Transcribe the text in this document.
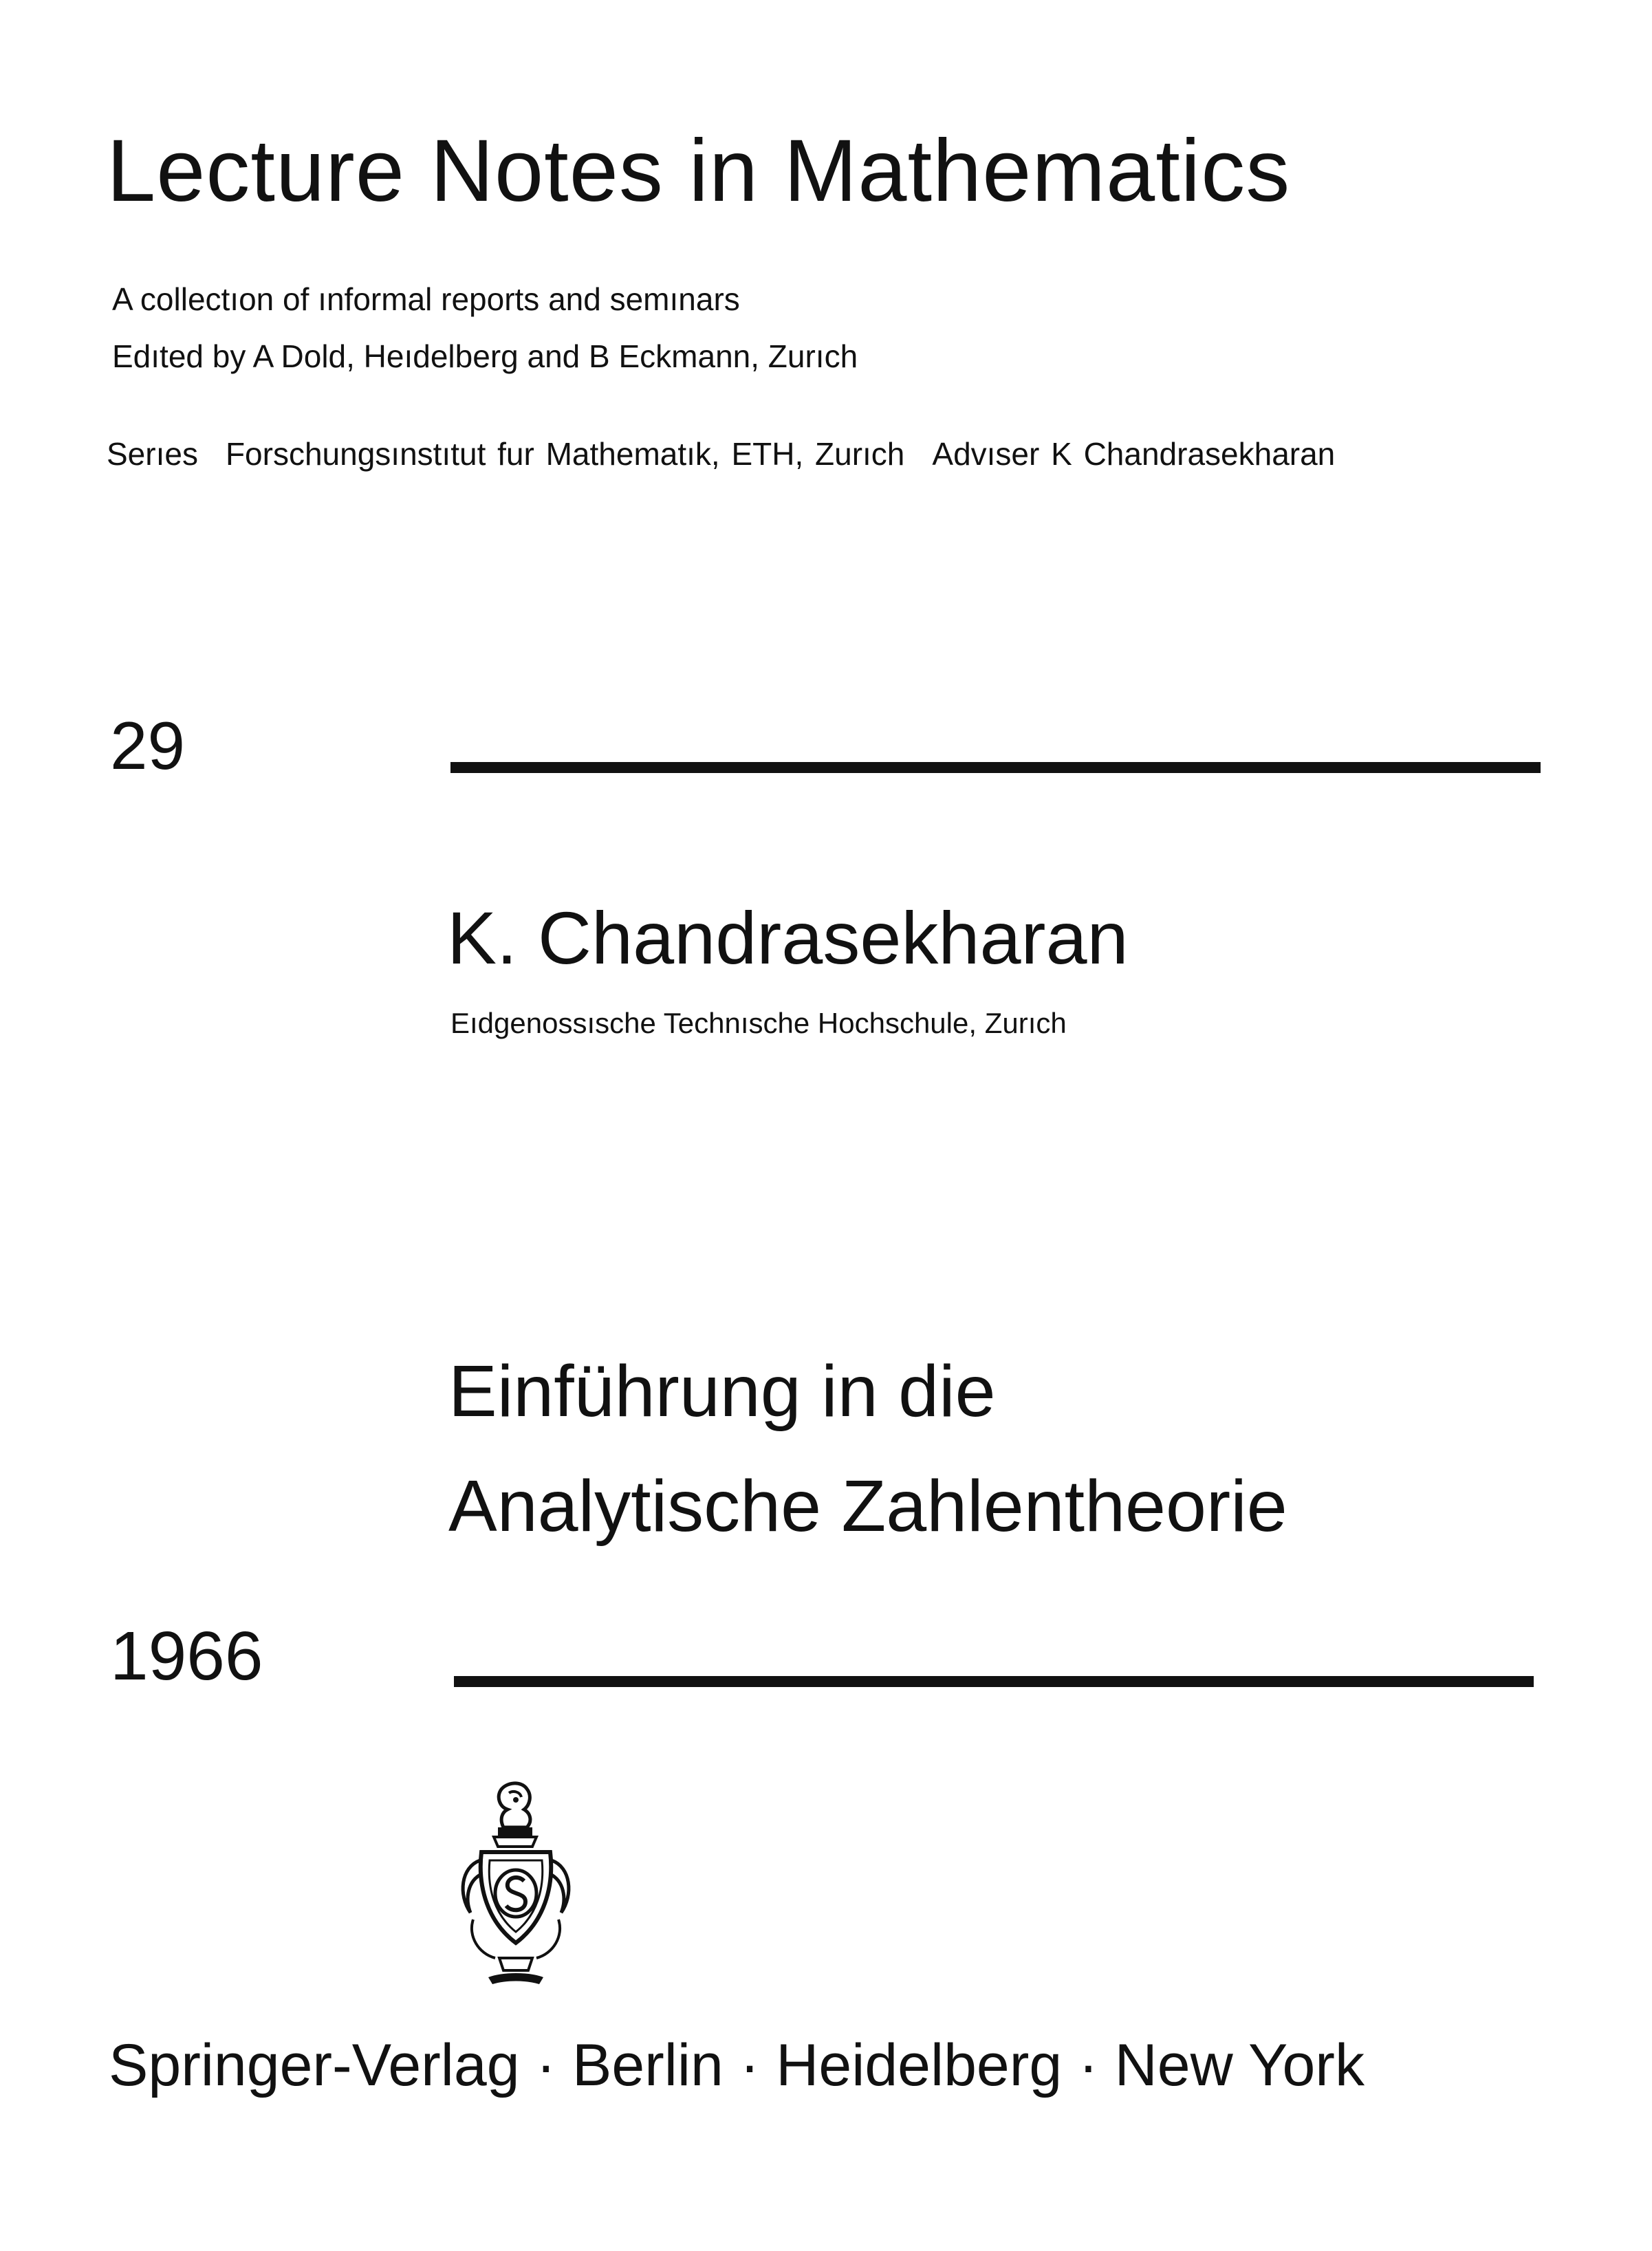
Lecture Notes in Mathematics
A collectıon of ınformal reports and semınars
Edıted by A Dold, Heıdelberg and B Eckmann, Zurıch
Serıes Forschungsınstıtut fur Mathematık, ETH, Zurıch Advıser K Chandrasekharan
29
K. Chandrasekharan
Eıdgenossısche Technısche Hochschule, Zurıch
Einführung in die
Analytische Zahlentheorie
1966
Springer-Verlag · Berlin · Heidelberg · New York
